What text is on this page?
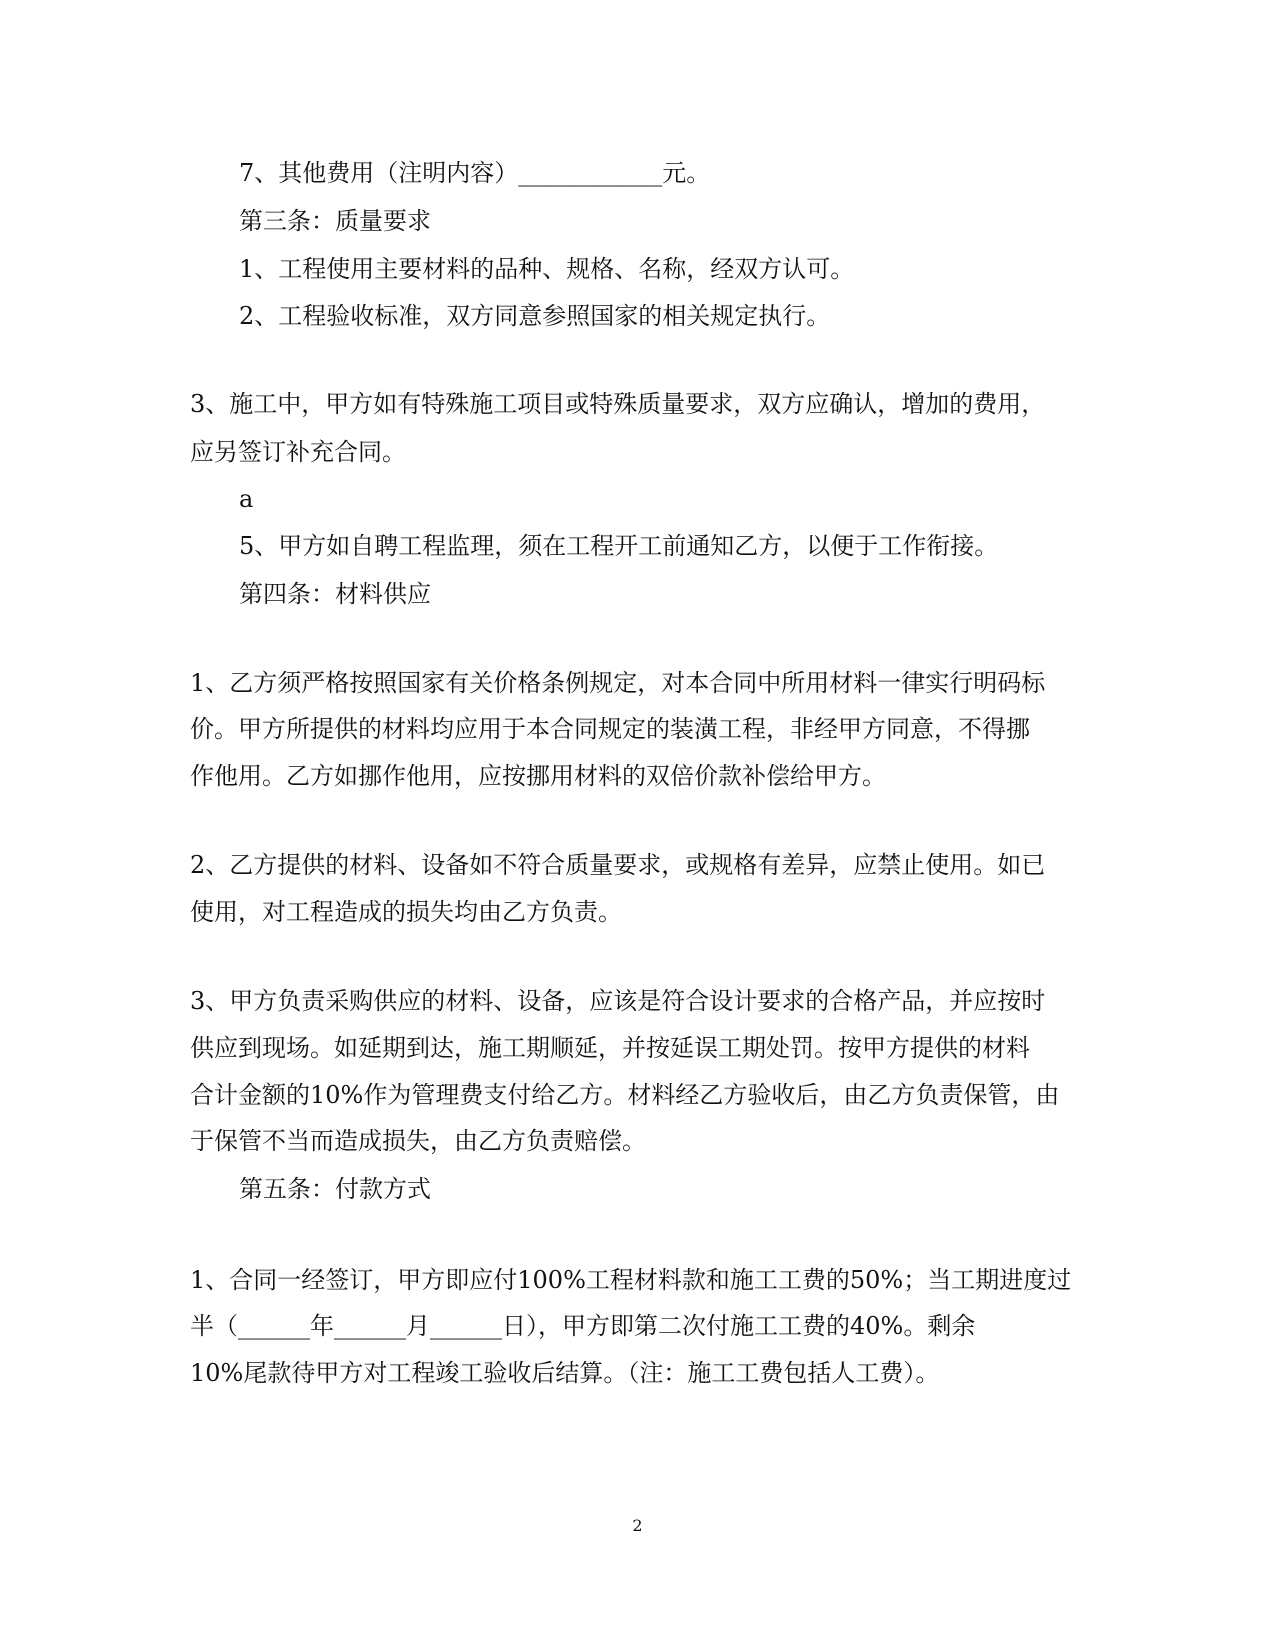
7、其他费用（注明内容）____________元。

第三条：质量要求

1、工程使用主要材料的品种、规格、名称，经双方认可。

2、工程验收标准，双方同意参照国家的相关规定执行。

3、施工中，甲方如有特殊施工项目或特殊质量要求，双方应确认，增加的费用，

应另签订补充合同。

a

5、甲方如自聘工程监理，须在工程开工前通知乙方，以便于工作衔接。

第四条：材料供应

1、乙方须严格按照国家有关价格条例规定，对本合同中所用材料一律实行明码标

价。甲方所提供的材料均应用于本合同规定的装潢工程，非经甲方同意，不得挪

作他用。乙方如挪作他用，应按挪用材料的双倍价款补偿给甲方。

2、乙方提供的材料、设备如不符合质量要求，或规格有差异，应禁止使用。如已

使用，对工程造成的损失均由乙方负责。

3、甲方负责采购供应的材料、设备，应该是符合设计要求的合格产品，并应按时

供应到现场。如延期到达，施工期顺延，并按延误工期处罚。按甲方提供的材料

合计金额的10%作为管理费支付给乙方。材料经乙方验收后，由乙方负责保管，由

于保管不当而造成损失，由乙方负责赔偿。

第五条：付款方式

1、合同一经签订，甲方即应付100%工程材料款和施工工费的50%；当工期进度过

半（______年______月______日），甲方即第二次付施工工费的40%。剩余

10%尾款待甲方对工程竣工验收后结算。（注：施工工费包括人工费）。

2
